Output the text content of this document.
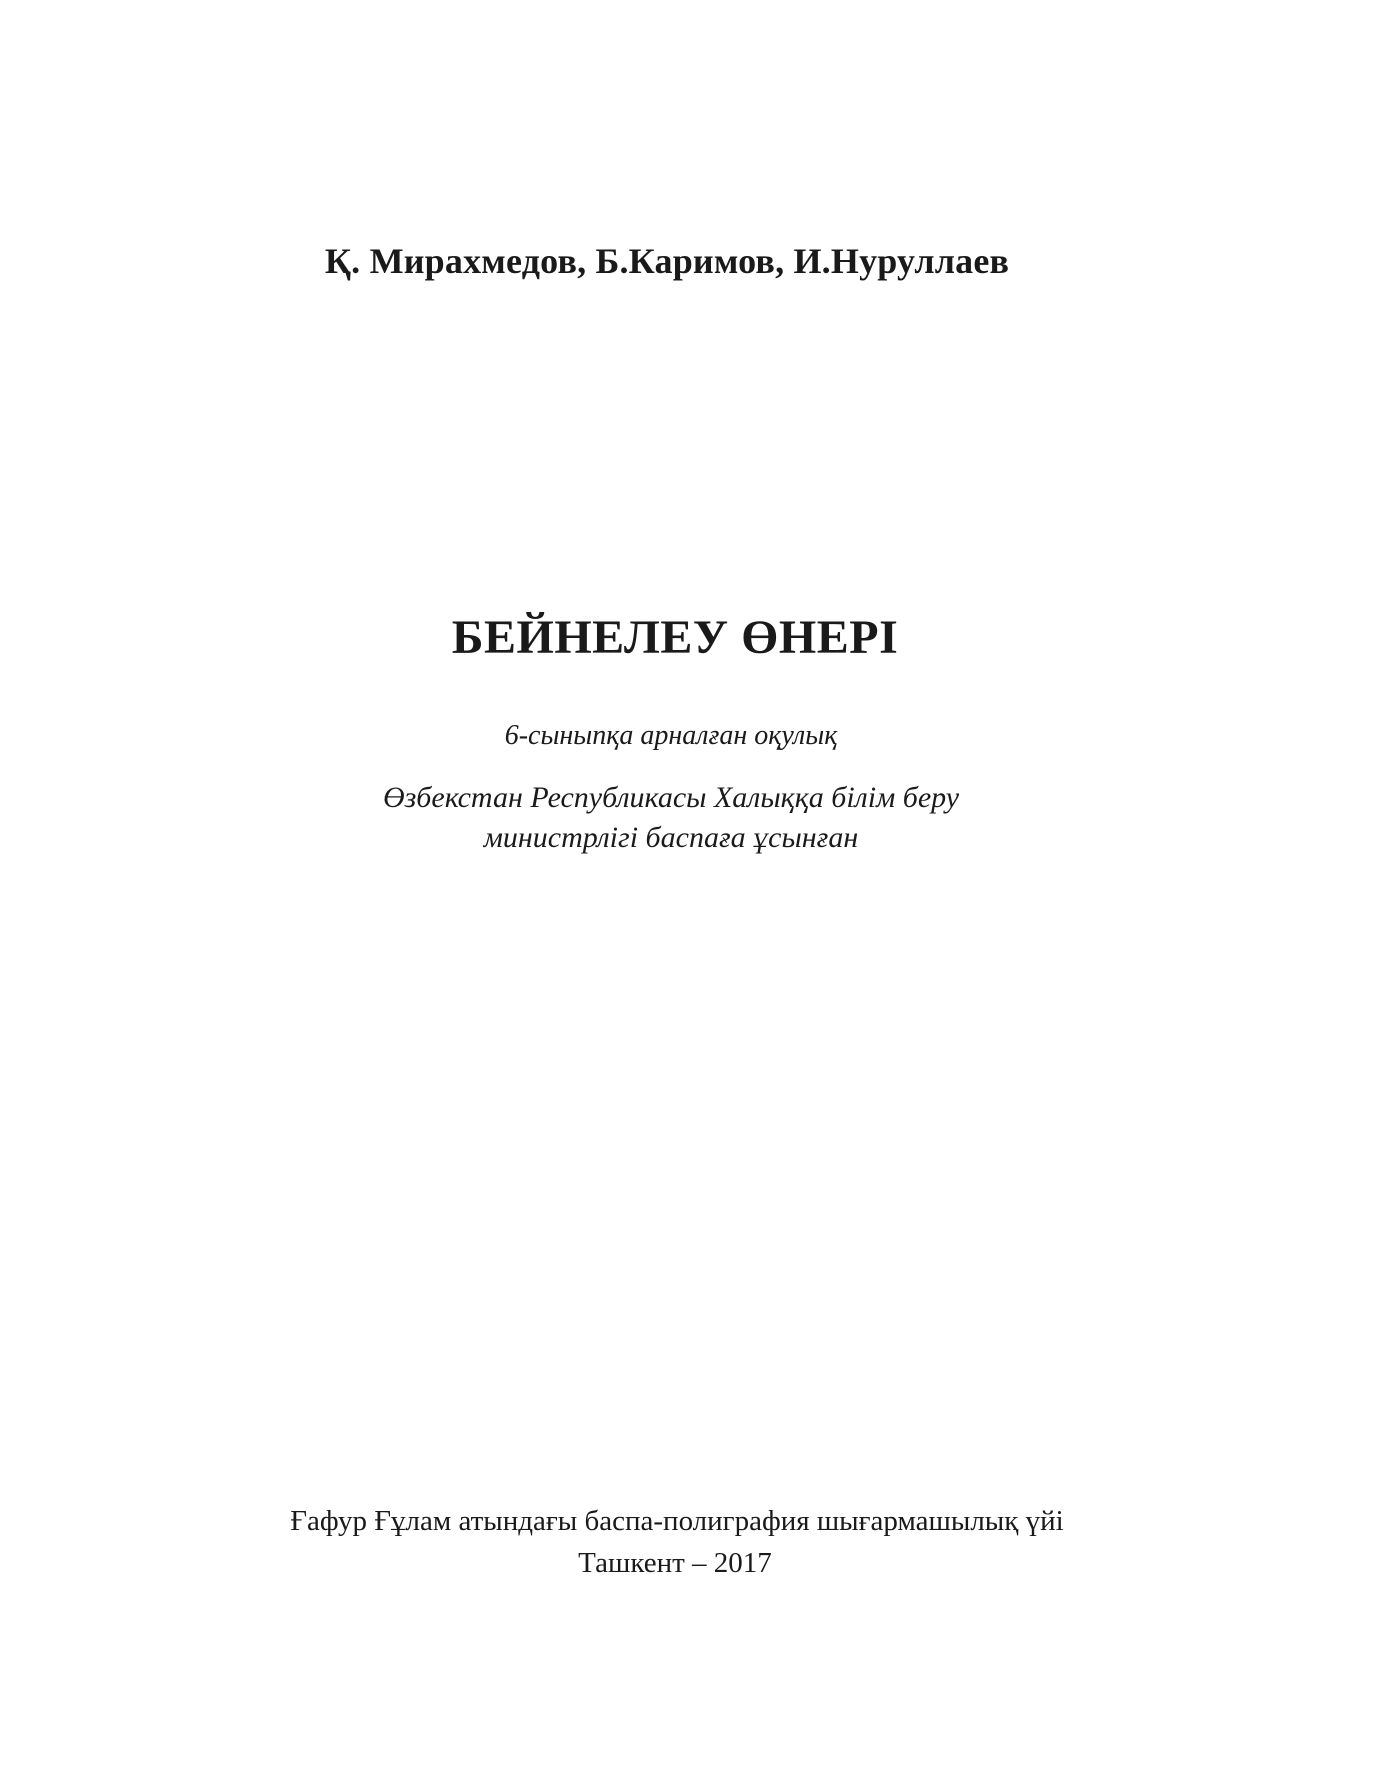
Қ. Мирахмедов, Б.Каримов, И.Нуруллаев
БЕЙНЕЛЕУ ӨНЕРІ
6-сыныпқа арналған оқулық
Өзбекстан Республикасы Халыққа білім беру
министрлігі баспаға ұсынған
Ғафур Ғұлам атындағы баспа-полиграфия шығармашылық үйі
Ташкент – 2017
